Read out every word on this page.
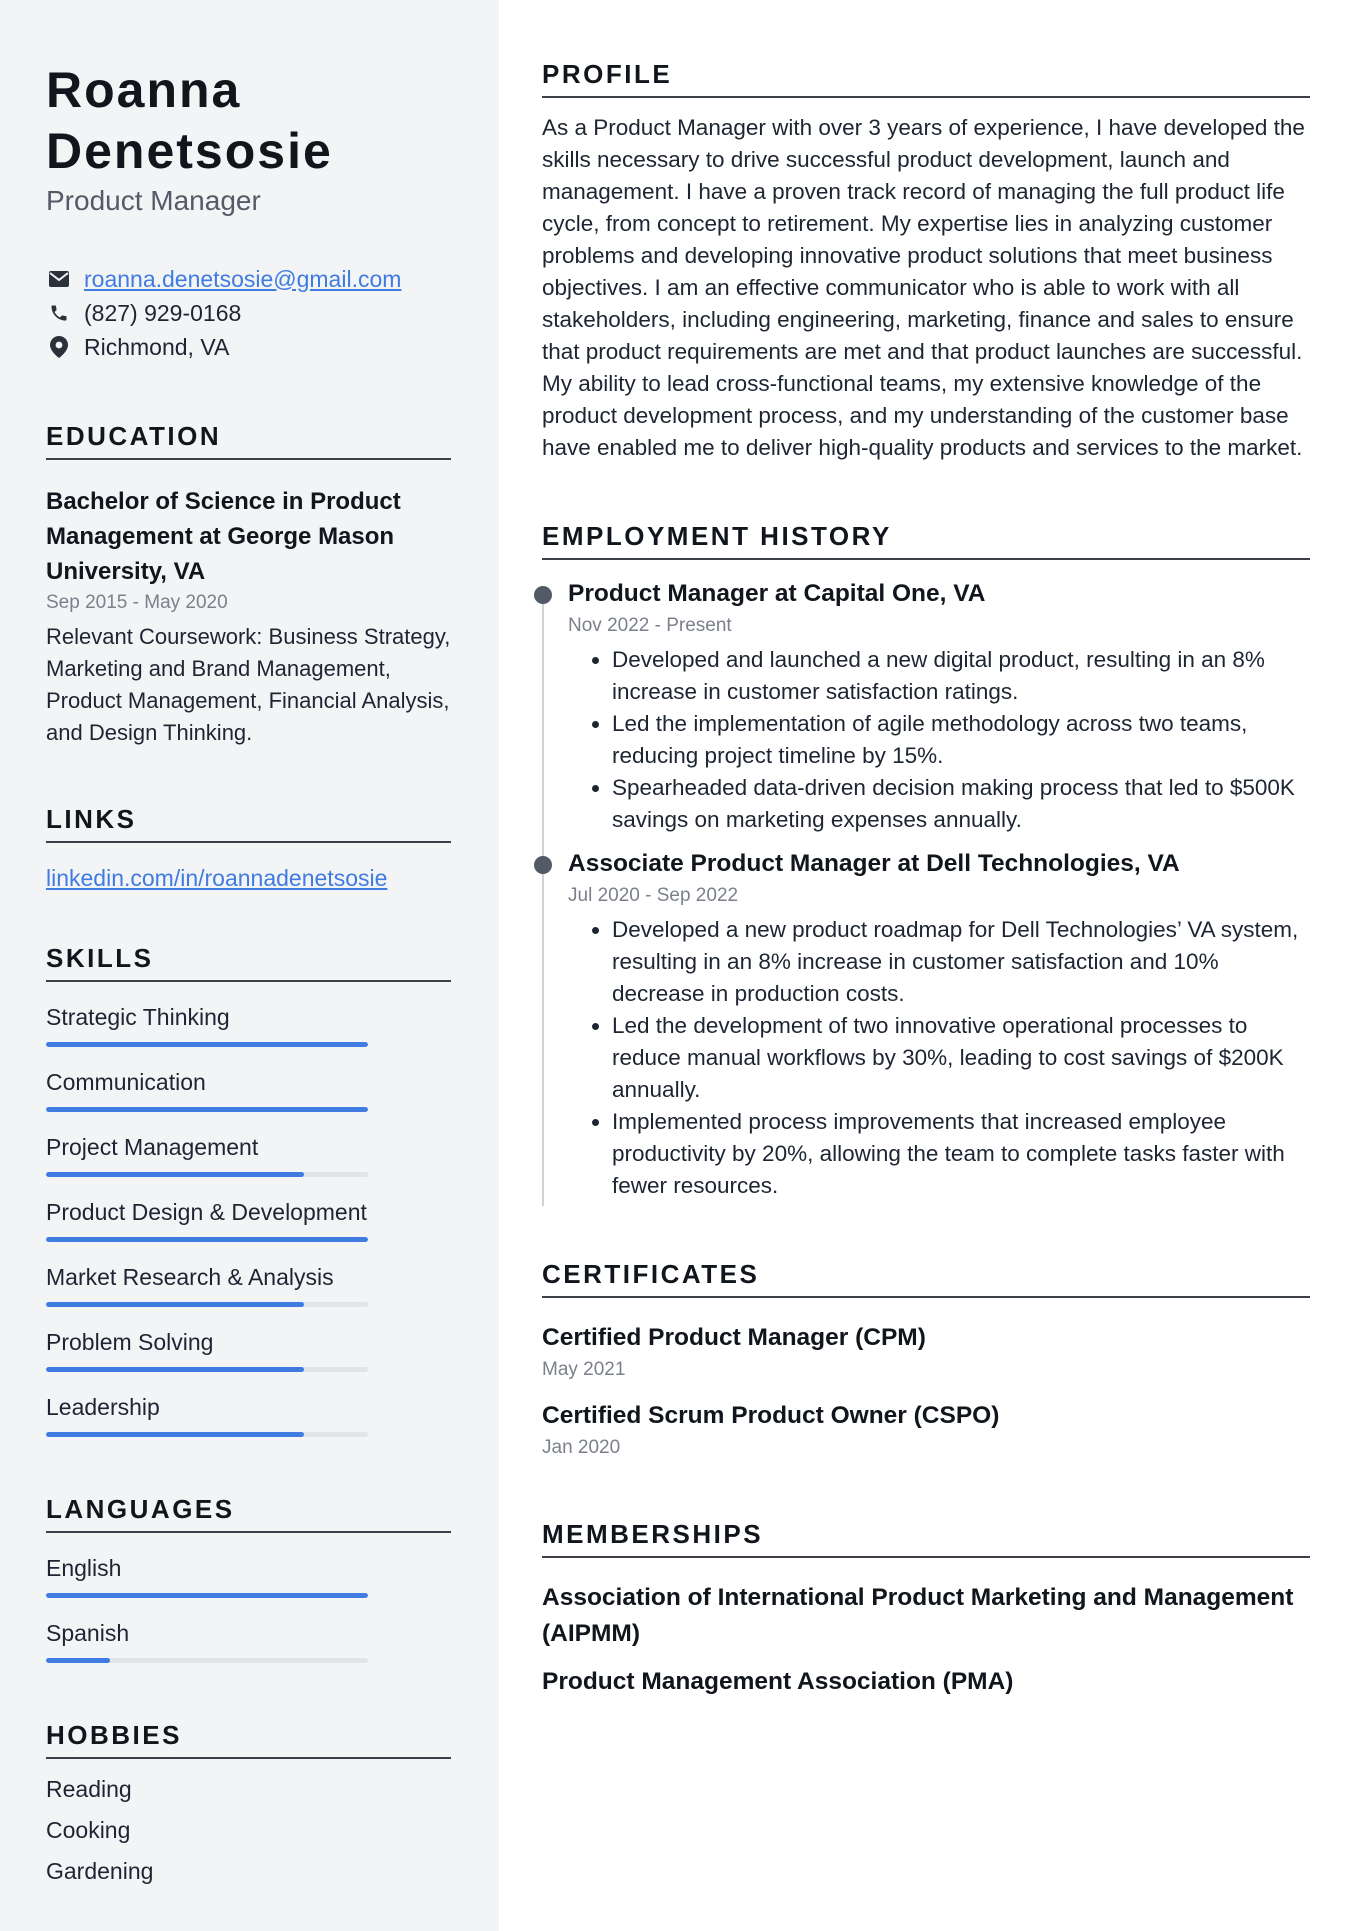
Roanna
Denetsosie
Product Manager
roanna.denetsosie@gmail.com
(827) 929-0168
Richmond, VA
EDUCATION
Bachelor of Science in Product Management at George Mason University, VA
Sep 2015 - May 2020
Relevant Coursework: Business Strategy, Marketing and Brand Management, Product Management, Financial Analysis, and Design Thinking.
LINKS
linkedin.com/in/roannadenetsosie
SKILLS
Strategic Thinking
Communication
Project Management
Product Design & Development
Market Research & Analysis
Problem Solving
Leadership
LANGUAGES
English
Spanish
HOBBIES
Reading
Cooking
Gardening
PROFILE
As a Product Manager with over 3 years of experience, I have developed the skills necessary to drive successful product development, launch and management. I have a proven track record of managing the full product life cycle, from concept to retirement. My expertise lies in analyzing customer problems and developing innovative product solutions that meet business objectives. I am an effective communicator who is able to work with all stakeholders, including engineering, marketing, finance and sales to ensure that product requirements are met and that product launches are successful. My ability to lead cross-functional teams, my extensive knowledge of the product development process, and my understanding of the customer base have enabled me to deliver high-quality products and services to the market.
EMPLOYMENT HISTORY
Product Manager at Capital One, VA
Nov 2022 - Present
• Developed and launched a new digital product, resulting in an 8% increase in customer satisfaction ratings.
• Led the implementation of agile methodology across two teams, reducing project timeline by 15%.
• Spearheaded data-driven decision making process that led to $500K savings on marketing expenses annually.
Associate Product Manager at Dell Technologies, VA
Jul 2020 - Sep 2022
• Developed a new product roadmap for Dell Technologies’ VA system, resulting in an 8% increase in customer satisfaction and 10% decrease in production costs.
• Led the development of two innovative operational processes to reduce manual workflows by 30%, leading to cost savings of $200K annually.
• Implemented process improvements that increased employee productivity by 20%, allowing the team to complete tasks faster with fewer resources.
CERTIFICATES
Certified Product Manager (CPM)
May 2021
Certified Scrum Product Owner (CSPO)
Jan 2020
MEMBERSHIPS
Association of International Product Marketing and Management (AIPMM)
Product Management Association (PMA)
